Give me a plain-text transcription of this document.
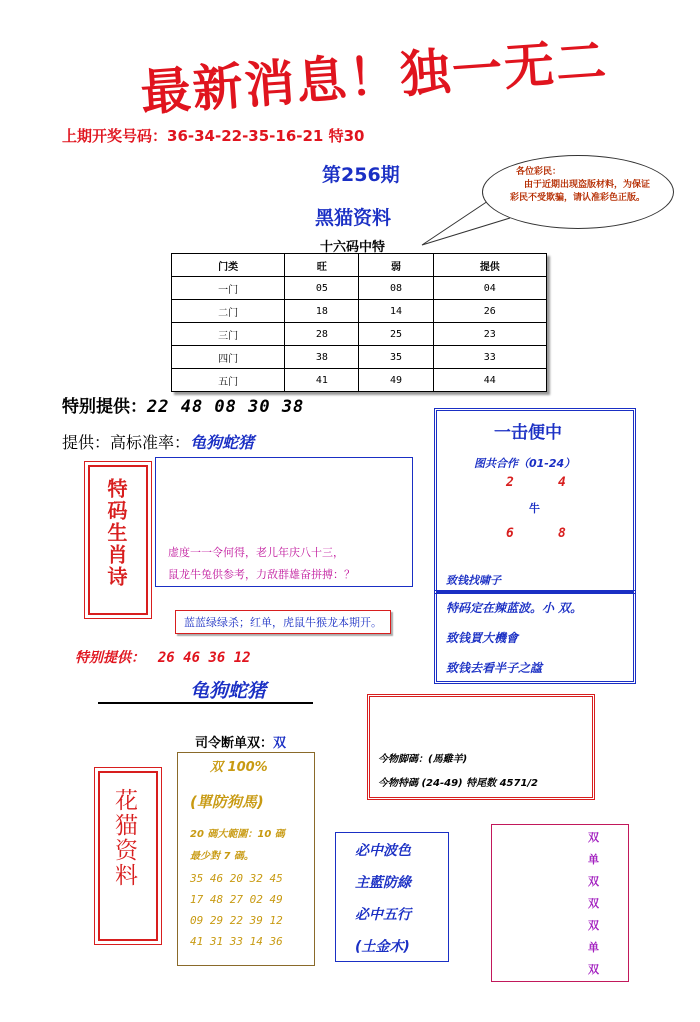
最新消息！独一无二
上期开奖号码：36-34-22-35-16-21 特30
第256期
黑猫资料
各位彩民：
由于近期出现盗版材料，为保证彩民不受欺骗，请认准彩色正版。
十六码中特
门类	旺	弱	提供
一门	05	08	04
二门	18	14	26
三门	28	25	23
四门	38	35	33
五门	41	49	44
特别提供：22 48 08 30 38
提供：高标准率：龟狗蛇猪
特码生肖诗	虚度一一令何得，老儿年庆八十三，
鼠龙牛兔供参考，力敌群雄奋拼搏：？
蓝蓝绿绿杀；红单，虎鼠牛猴龙本期开。
特别提供： 26 46 36 12
龟狗蛇猪
一击便中
图共合作（01-24）
2	4
牛
6	8
致钱找啸子
特码定在辣蓝波。小 双。
致钱買大機會
致钱去看半子之諡
今物脚碼：(馬雞羊)
今物特碼 (24-49) 特尾数 4571/2
司令断单双：双
花猫资料
双 100%
(單防狗馬)
20 碼大範圍：10 碼
最少對 7 碼。
35 46 20 32 45
17 48 27 02 49
09 29 22 39 12
41 31 33 14 36
必中波色
主藍防綠
必中五行
(土金木)
双
单
双
双
双
单
双
